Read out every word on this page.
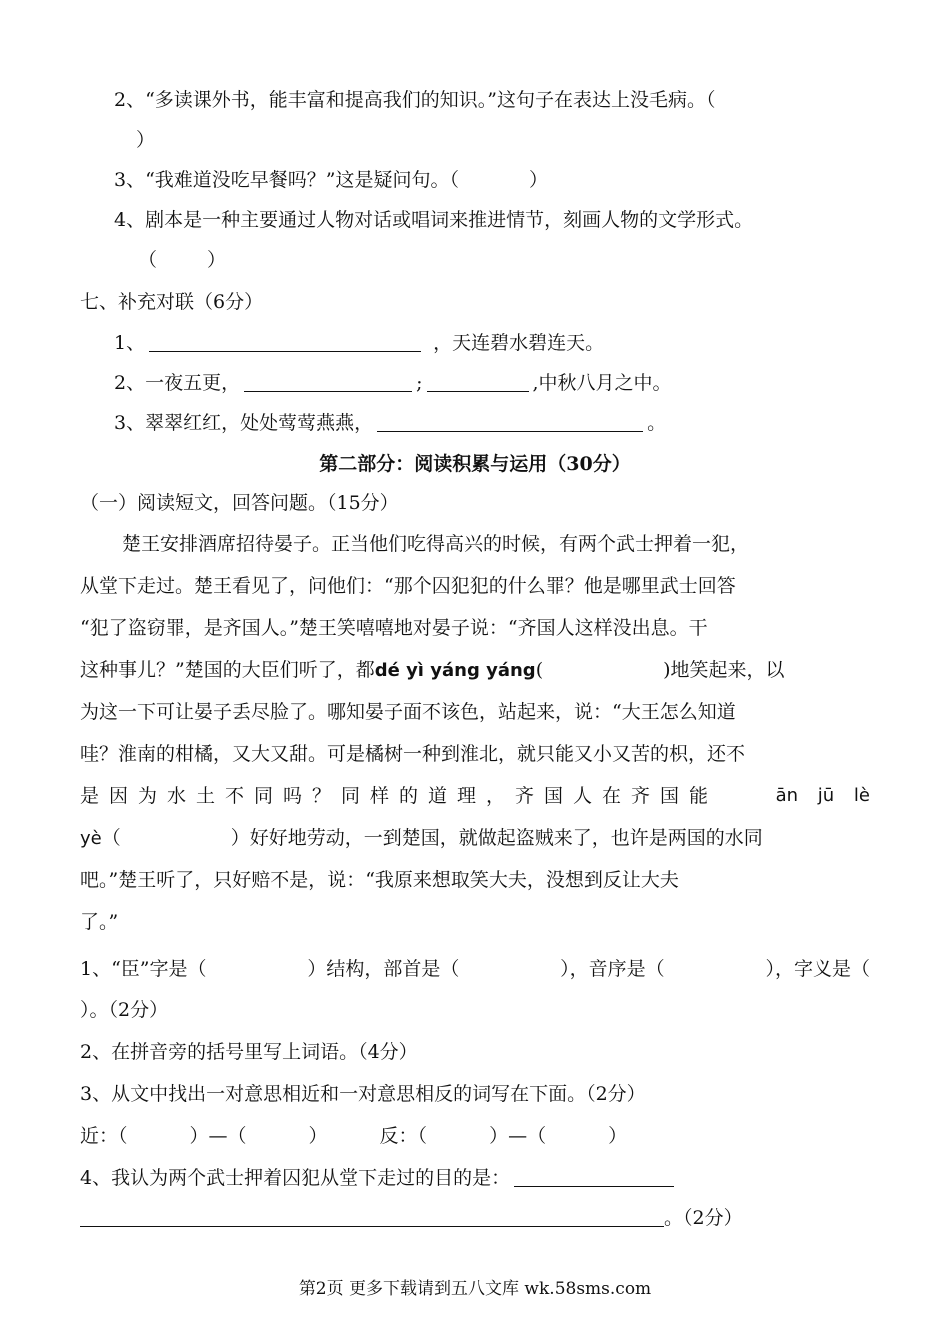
2、“多读课外书，能丰富和提高我们的知识。”这句子在表达上没毛病。（
）
3、“我难道没吃早餐吗？”这是疑问句。（	）
4、剧本是一种主要通过人物对话或唱词来推进情节，刻画人物的文学形式。
（	）
七、补充对联（6分）
1、	，天连碧水碧连天。
2、一夜五更，	;	,中秋八月之中。
3、翠翠红红，处处莺莺燕燕，	。
第二部分：阅读积累与运用（30分）
（一）阅读短文，回答问题。（15分）
楚王安排酒席招待晏子。正当他们吃得高兴的时候，有两个武士押着一犯，
从堂下走过。楚王看见了，问他们：“那个囚犯犯的什么罪？他是哪里武士回答
“犯了盗窃罪，是齐国人。”楚王笑嘻嘻地对晏子说：“齐国人这样没出息。干
这种事儿？”楚国的大臣们听了，都dé yì yáng yáng(	)地笑起来，以
为这一下可让晏子丢尽脸了。哪知晏子面不该色，站起来，说：“大王怎么知道
哇？淮南的柑橘，又大又甜。可是橘树一种到淮北，就只能又小又苦的枳，还不
是因为水土不同吗？同样的道理，齐国人在齐国能	ān jū lè
yè（	）好好地劳动，一到楚国，就做起盗贼来了，也许是两国的水同
吧。”楚王听了，只好赔不是，说：“我原来想取笑大夫，没想到反让大夫
了。”
1、“臣”字是（	）结构，部首是（	），音序是（	），字义是（
）。（2分）
2、在拼音旁的括号里写上词语。（4分）
3、从文中找出一对意思相近和一对意思相反的词写在下面。（2分）
近：（	）—（	）	反：（	）—（	）
4、我认为两个武士押着囚犯从堂下走过的目的是：
。（2分）
第2页 更多下载请到五八文库 wk.58sms.com
